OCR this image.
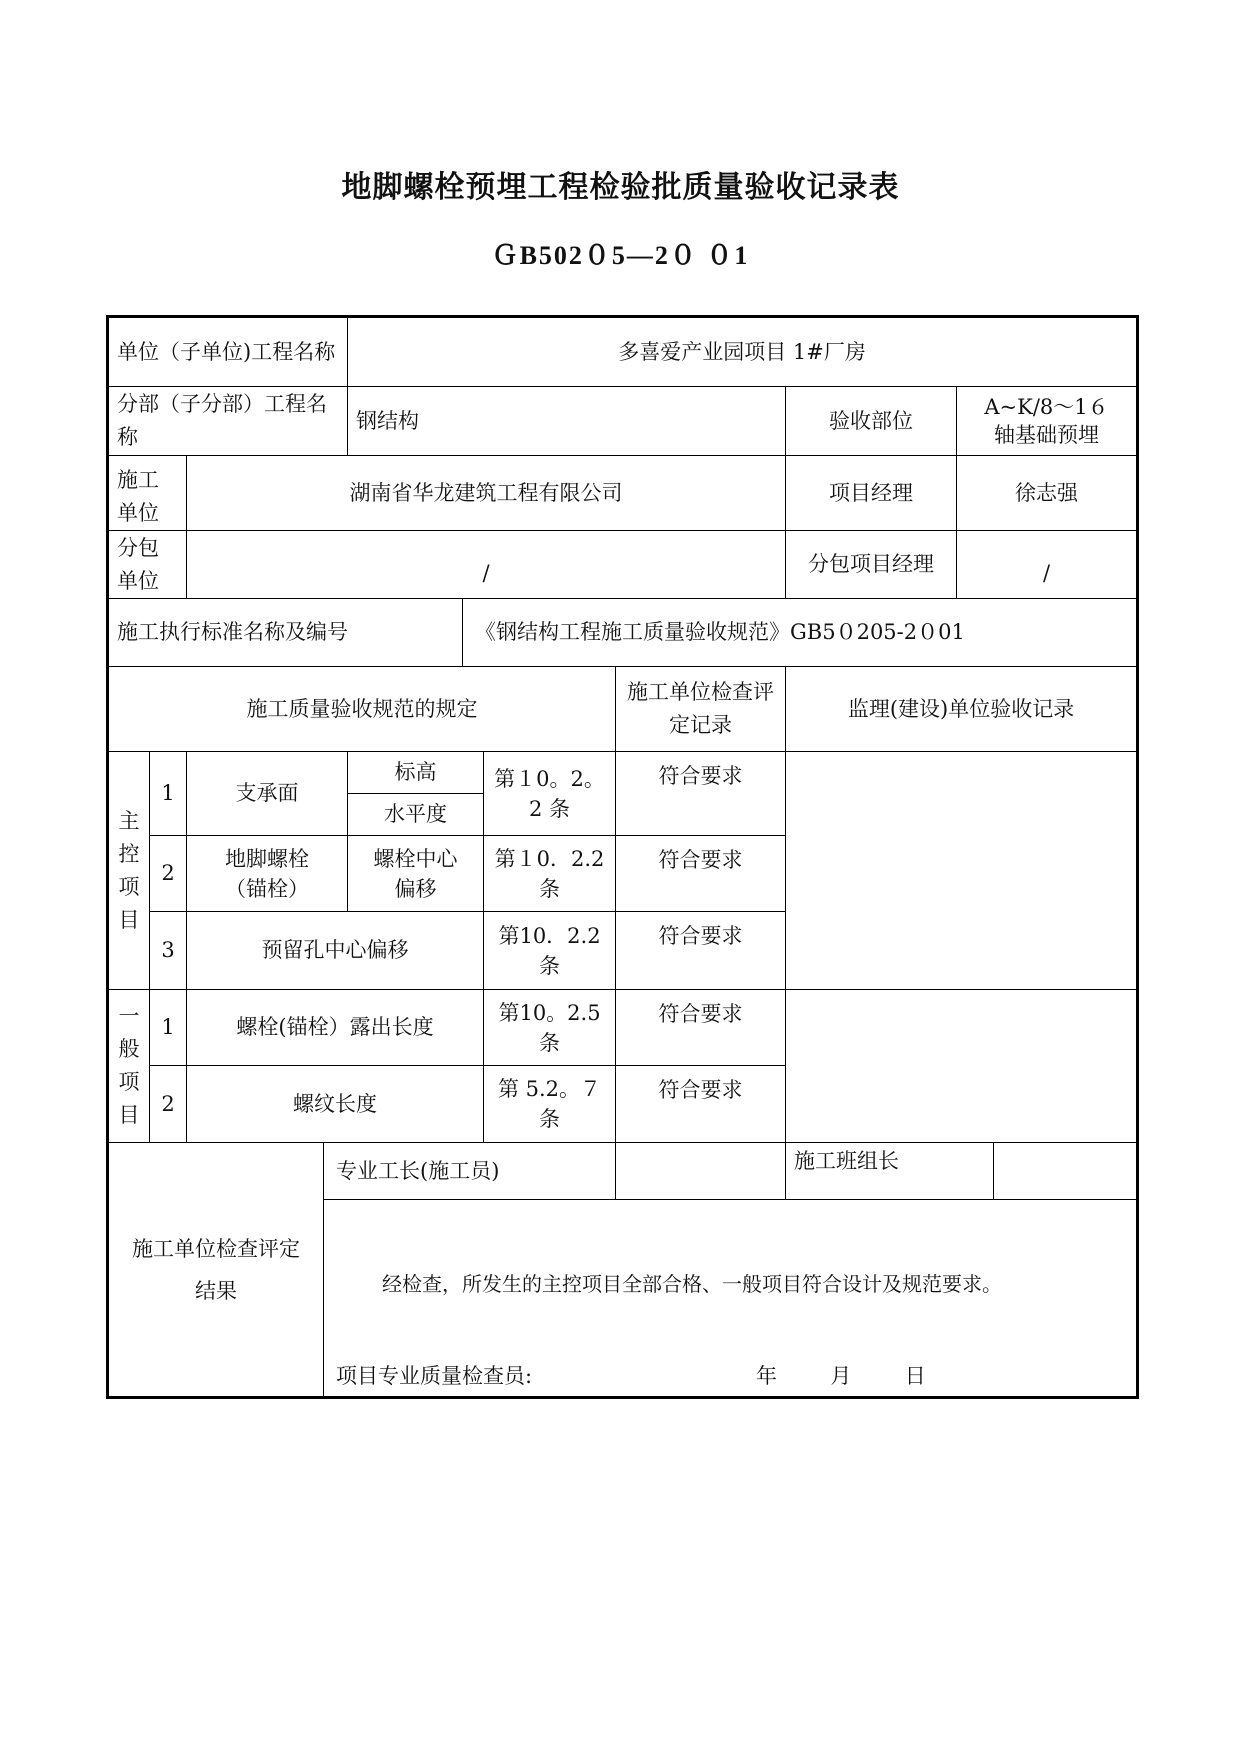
地脚螺栓预埋工程检验批质量验收记录表
ＧB502０5—2０ ０1
单位（子单位)工程名称				多喜爱产业园项目 1#厂房						
分部（子分部）工程名称				钢结构				验收部位	A~K/8～1６　轴基础预埋	
施工单位		湖南省华龙建筑工程有限公司						项目经理	徐志强	
分包单位		/						分包项目经理	/	
施工执行标准名称及编号					《钢结构工程施工质量验收规范》GB5０205-2０01					
施工质量验收规范的规定							施工单位检查评定记录	监理(建设)单位验收记录		

主控项目	1	支承面		标高		第１0。2。2 条	符合要求			
				水平度						
	2	地脚螺栓（锚栓）		螺栓中心偏移		第１0．2.2 条	符合要求			
	3	预留孔中心偏移				第10．2.2条	符合要求			

一般项目	1	螺栓(锚栓）露出长度				第10。2.5条	符合要求			
	2	螺纹长度				第 5.2。７条	符合要求			
施工单位检查评定结果			专业工长(施工员)					施工班组长		

			经检查，所发生的主控项目全部合格、一般项目符合设计及规范要求。
项目专业质量检查员: 年 月 日							
